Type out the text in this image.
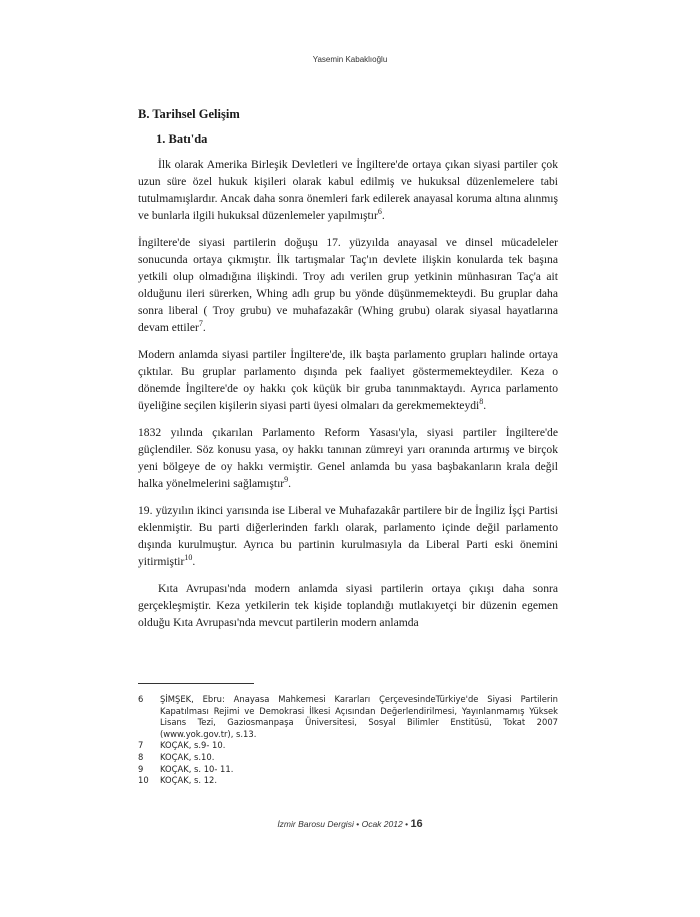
Yasemin Kabaklıoğlu
B. Tarihsel Gelişim
1. Batı'da

İlk olarak Amerika Birleşik Devletleri ve İngiltere'de ortaya çıkan siyasi partiler çok uzun süre özel hukuk kişileri olarak kabul edilmiş ve hukuksal düzenlemelere tabi tutulmamışlardır. Ancak daha sonra önemleri fark edilerek anayasal koruma altına alınmış ve bunlarla ilgili hukuksal düzenlemeler yapılmıştır$^6$.

İngiltere'de siyasi partilerin doğuşu 17. yüzyılda anayasal ve dinsel mücadeleler sonucunda ortaya çıkmıştır. İlk tartışmalar Taç'ın devlete ilişkin konularda tek başına yetkili olup olmadığına ilişkindi. Troy adı verilen grup yetkinin münhasıran Taç'a ait olduğunu ileri sürerken, Whing adlı grup bu yönde düşünmemekteydi. Bu gruplar daha sonra liberal ( Troy grubu) ve muhafazakâr (Whing grubu) olarak siyasal hayatlarına devam ettiler$^7$.

Modern anlamda siyasi partiler İngiltere'de, ilk başta parlamento grupları halinde ortaya çıktılar. Bu gruplar parlamento dışında pek faaliyet göstermemekteydiler. Keza o dönemde İngiltere'de oy hakkı çok küçük bir gruba tanınmaktaydı. Ayrıca parlamento üyeliğine seçilen kişilerin siyasi parti üyesi olmaları da gerekmemekteydi$^8$.

1832 yılında çıkarılan Parlamento Reform Yasası'yla, siyasi partiler İngiltere'de güçlendiler. Söz konusu yasa, oy hakkı tanınan zümreyi yarı oranında artırmış ve birçok yeni bölgeye de oy hakkı vermiştir. Genel anlamda bu yasa başbakanların krala değil halka yönelmelerini sağlamıştır$^9$.

19. yüzyılın ikinci yarısında ise Liberal ve Muhafazakâr partilere bir de İngiliz İşçi Partisi eklenmiştir. Bu parti diğerlerinden farklı olarak, parlamento içinde değil parlamento dışında kurulmuştur. Ayrıca bu partinin kurulmasıyla da Liberal Parti eski önemini yitirmiştir$^{10}$.

Kıta Avrupası'nda modern anlamda siyasi partilerin ortaya çıkışı daha sonra gerçekleşmiştir. Keza yetkilerin tek kişide toplandığı mutlakıyetçi bir düzenin egemen olduğu Kıta Avrupası'nda mevcut partilerin modern anlamda

6	ŞİMŞEK, Ebru: Anayasa Mahkemesi Kararları ÇerçevesindeTürkiye'de Siyasi Partilerin Kapatılması Rejimi ve Demokrasi İlkesi Açısından Değerlendirilmesi, Yayınlanmamış Yüksek Lisans Tezi, Gaziosmanpaşa Üniversitesi, Sosyal Bilimler Enstitüsü, Tokat 2007 (www.yok.gov.tr), s.13.
7	KOÇAK, s.9- 10.
8	KOÇAK, s.10.
9	KOÇAK, s. 10- 11.
10	KOÇAK, s. 12.
İzmir Barosu Dergisi • Ocak 2012 • 16
